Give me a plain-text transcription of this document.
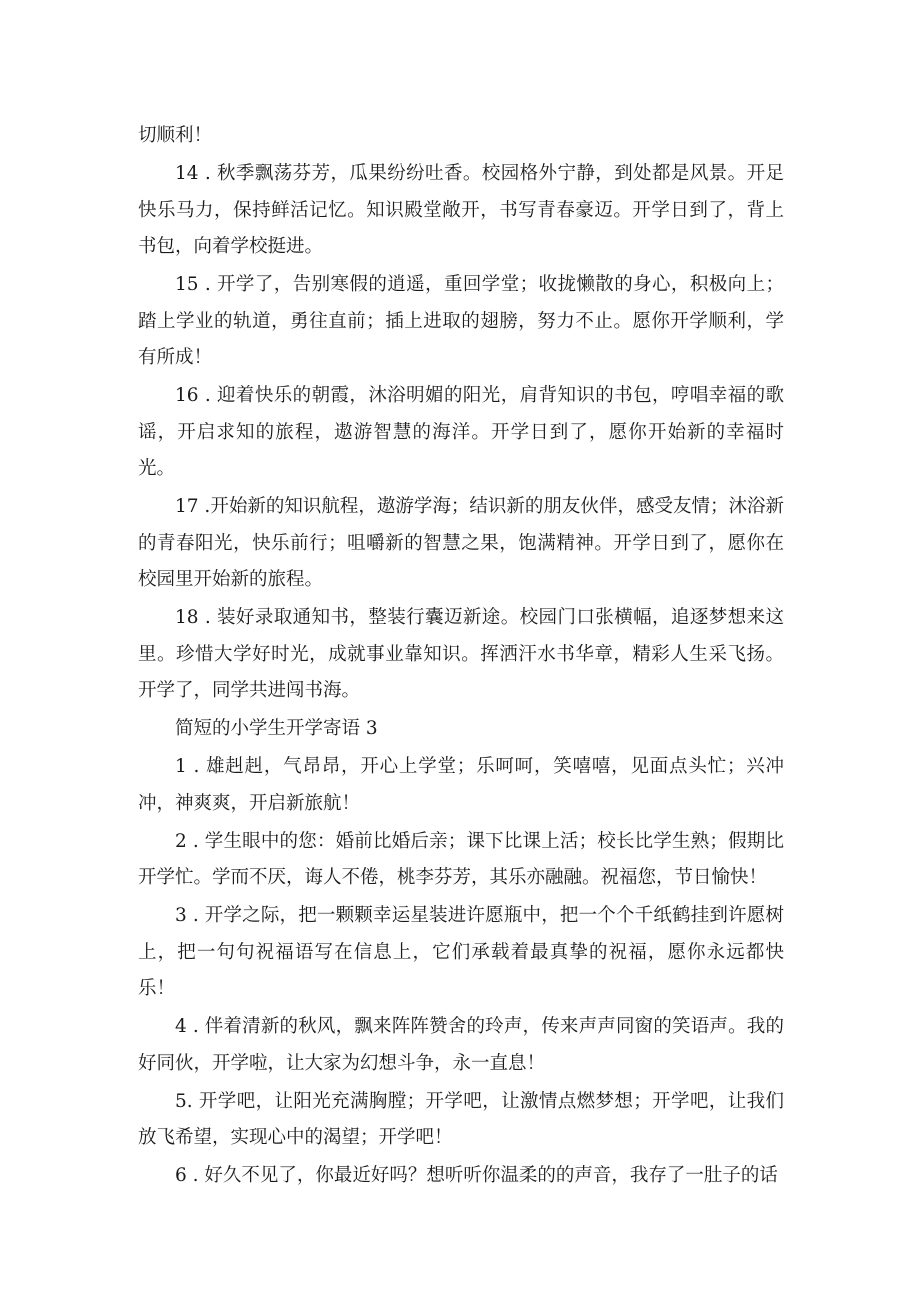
切顺利！

14 . 秋季飘荡芬芳，瓜果纷纷吐香。校园格外宁静，到处都是风景。开足快乐马力，保持鲜活记忆。知识殿堂敞开，书写青春豪迈。开学日到了，背上书包，向着学校挺进。

15 . 开学了，告别寒假的逍遥，重回学堂；收拢懒散的身心，积极向上；踏上学业的轨道，勇往直前；插上进取的翅膀，努力不止。愿你开学顺利，学有所成！

16 . 迎着快乐的朝霞，沐浴明媚的阳光，肩背知识的书包，哼唱幸福的歌谣，开启求知的旅程，遨游智慧的海洋。开学日到了，愿你开始新的幸福时光。

17 .开始新的知识航程，遨游学海；结识新的朋友伙伴，感受友情；沐浴新的青春阳光，快乐前行；咀嚼新的智慧之果，饱满精神。开学日到了，愿你在校园里开始新的旅程。

18 . 装好录取通知书，整装行囊迈新途。校园门口张横幅，追逐梦想来这里。珍惜大学好时光，成就事业靠知识。挥洒汗水书华章，精彩人生采飞扬。开学了，同学共进闯书海。

简短的小学生开学寄语 3

1 . 雄赳赳，气昂昂，开心上学堂；乐呵呵，笑嘻嘻，见面点头忙；兴冲冲，神爽爽，开启新旅航！

2 . 学生眼中的您：婚前比婚后亲；课下比课上活；校长比学生熟；假期比开学忙。学而不厌，诲人不倦，桃李芬芳，其乐亦融融。祝福您，节日愉快！

3 . 开学之际，把一颗颗幸运星装进许愿瓶中，把一个个千纸鹤挂到许愿树上，把一句句祝福语写在信息上，它们承载着最真挚的祝福，愿你永远都快乐！

4 . 伴着清新的秋风，飘来阵阵赞舍的玲声，传来声声同窗的笑语声。我的好同伙，开学啦，让大家为幻想斗争，永一直息！

5. 开学吧，让阳光充满胸膛；开学吧，让激情点燃梦想；开学吧，让我们放飞希望，实现心中的渴望；开学吧！

6 . 好久不见了，你最近好吗？想听听你温柔的的声音，我存了一肚子的话
